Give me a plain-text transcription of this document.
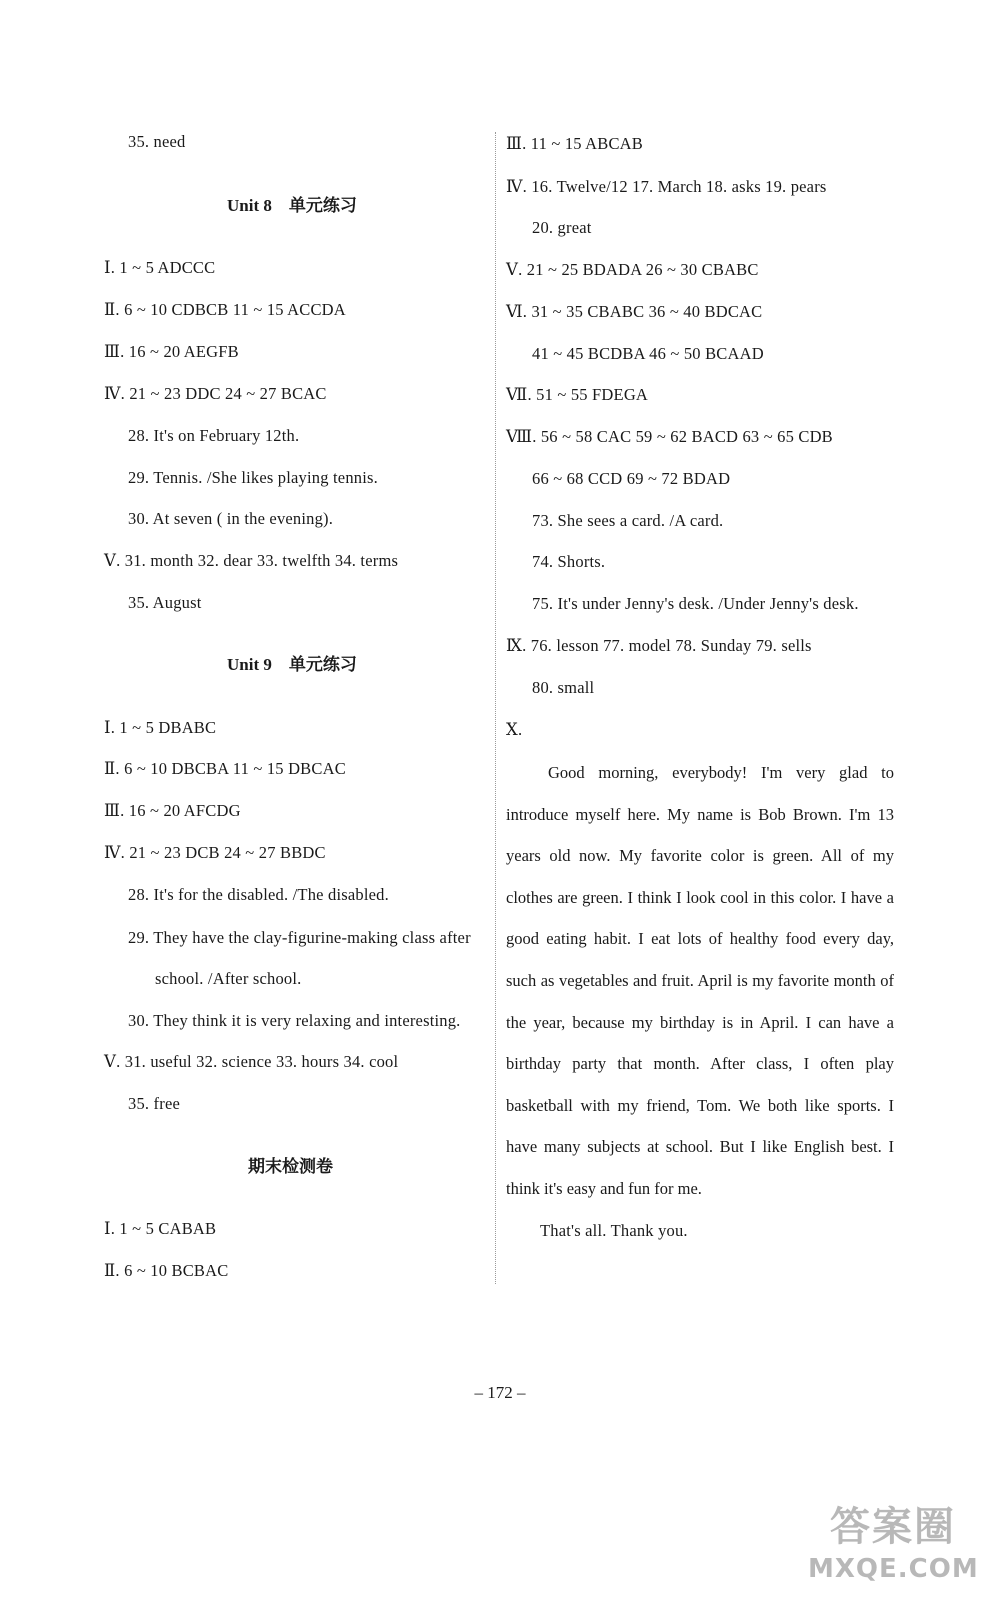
35. need
Unit 8　单元练习
Ⅰ. 1 ~ 5 ADCCC
Ⅱ. 6 ~ 10 CDBCB 11 ~ 15 ACCDA
Ⅲ. 16 ~ 20 AEGFB
Ⅳ. 21 ~ 23 DDC 24 ~ 27 BCAC
28. It's on February 12th.
29. Tennis. /She likes playing tennis.
30. At seven ( in the evening).
Ⅴ. 31. month 32. dear 33. twelfth 34. terms
35. August
Unit 9　单元练习
Ⅰ. 1 ~ 5 DBABC
Ⅱ. 6 ~ 10 DBCBA 11 ~ 15 DBCAC
Ⅲ. 16 ~ 20 AFCDG
Ⅳ. 21 ~ 23 DCB 24 ~ 27 BBDC
28. It's for the disabled. /The disabled.
29. They have the clay-figurine-making class after
school. /After school.
30. They think it is very relaxing and interesting.
Ⅴ. 31. useful 32. science 33. hours 34. cool
35. free
期末检测卷
Ⅰ. 1 ~ 5 CABAB
Ⅱ. 6 ~ 10 BCBAC
Ⅲ. 11 ~ 15 ABCAB
Ⅳ. 16. Twelve/12 17. March 18. asks 19. pears
20. great
Ⅴ. 21 ~ 25 BDADA 26 ~ 30 CBABC
Ⅵ. 31 ~ 35 CBABC 36 ~ 40 BDCAC
41 ~ 45 BCDBA 46 ~ 50 BCAAD
Ⅶ. 51 ~ 55 FDEGA
Ⅷ. 56 ~ 58 CAC 59 ~ 62 BACD 63 ~ 65 CDB
66 ~ 68 CCD 69 ~ 72 BDAD
73. She sees a card. /A card.
74. Shorts.
75. It's under Jenny's desk. /Under Jenny's desk.
Ⅸ. 76. lesson 77. model 78. Sunday 79. sells
80. small
Ⅹ.
Good morning, everybody! I'm very glad to introduce myself here. My name is Bob Brown. I'm 13 years old now. My favorite color is green. All of my clothes are green. I think I look cool in this color. I have a good eating habit. I eat lots of healthy food every day, such as vegetables and fruit. April is my favorite month of the year, because my birthday is in April. I can have a birthday party that month. After class, I often play basketball with my friend, Tom. We both like sports. I have many subjects at school. But I like English best. I think it's easy and fun for me.
That's all. Thank you.
– 172 –
答案圈
MXQE.COM
